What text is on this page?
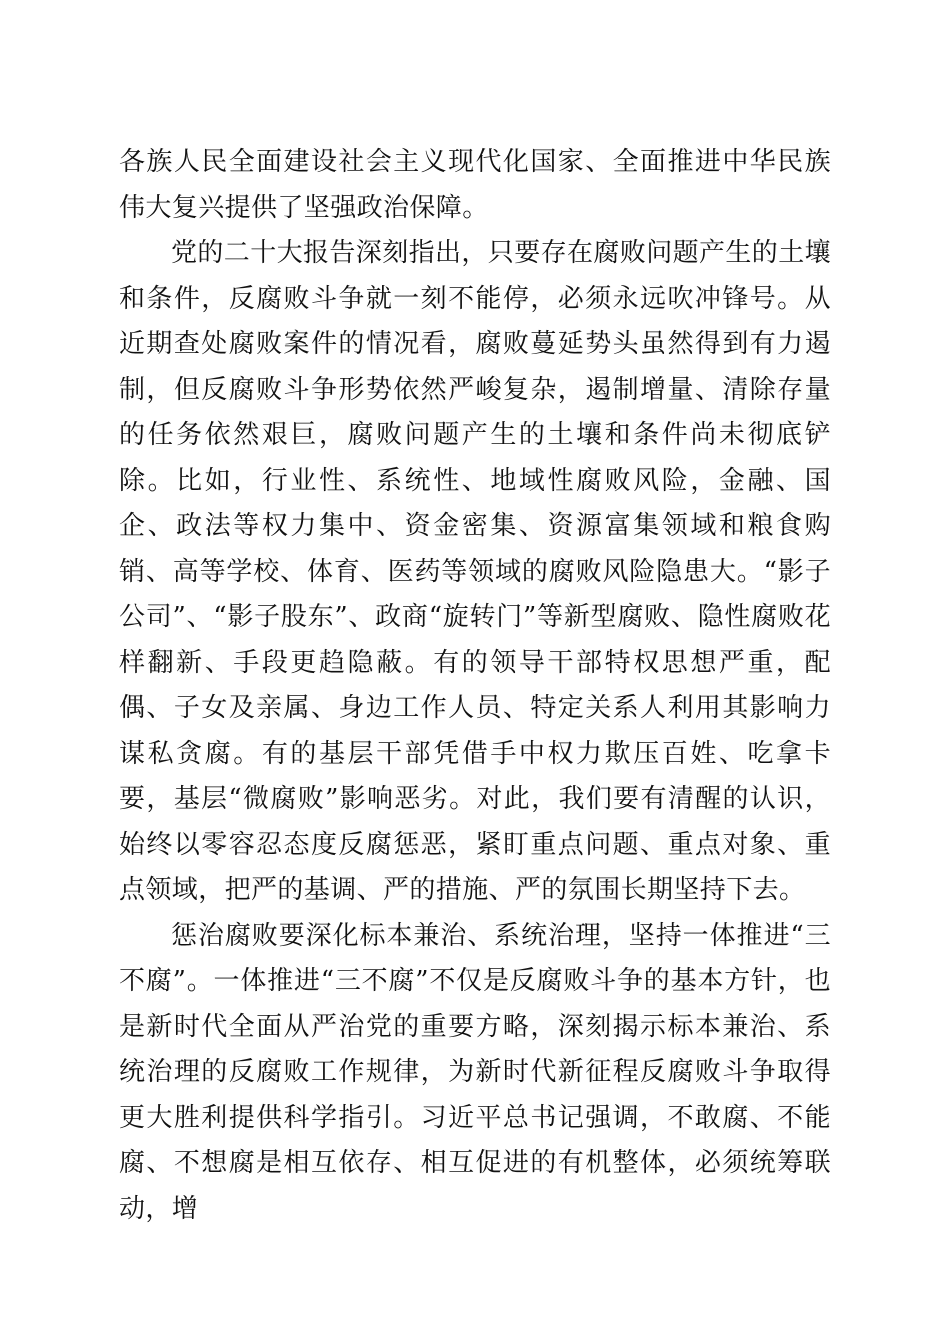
各族人民全面建设社会主义现代化国家、全面推进中华民族伟大复兴提供了坚强政治保障。

党的二十大报告深刻指出，只要存在腐败问题产生的土壤和条件，反腐败斗争就一刻不能停，必须永远吹冲锋号。从近期查处腐败案件的情况看，腐败蔓延势头虽然得到有力遏制，但反腐败斗争形势依然严峻复杂，遏制增量、清除存量的任务依然艰巨，腐败问题产生的土壤和条件尚未彻底铲除。比如，行业性、系统性、地域性腐败风险，金融、国企、政法等权力集中、资金密集、资源富集领域和粮食购销、高等学校、体育、医药等领域的腐败风险隐患大。“影子公司”、“影子股东”、政商“旋转门”等新型腐败、隐性腐败花样翻新、手段更趋隐蔽。有的领导干部特权思想严重，配偶、子女及亲属、身边工作人员、特定关系人利用其影响力谋私贪腐。有的基层干部凭借手中权力欺压百姓、吃拿卡要，基层“微腐败”影响恶劣。对此，我们要有清醒的认识，始终以零容忍态度反腐惩恶，紧盯重点问题、重点对象、重点领域，把严的基调、严的措施、严的氛围长期坚持下去。

惩治腐败要深化标本兼治、系统治理，坚持一体推进“三不腐”。一体推进“三不腐”不仅是反腐败斗争的基本方针，也是新时代全面从严治党的重要方略，深刻揭示标本兼治、系统治理的反腐败工作规律，为新时代新征程反腐败斗争取得更大胜利提供科学指引。习近平总书记强调，不敢腐、不能腐、不想腐是相互依存、相互促进的有机整体，必须统筹联动，增
